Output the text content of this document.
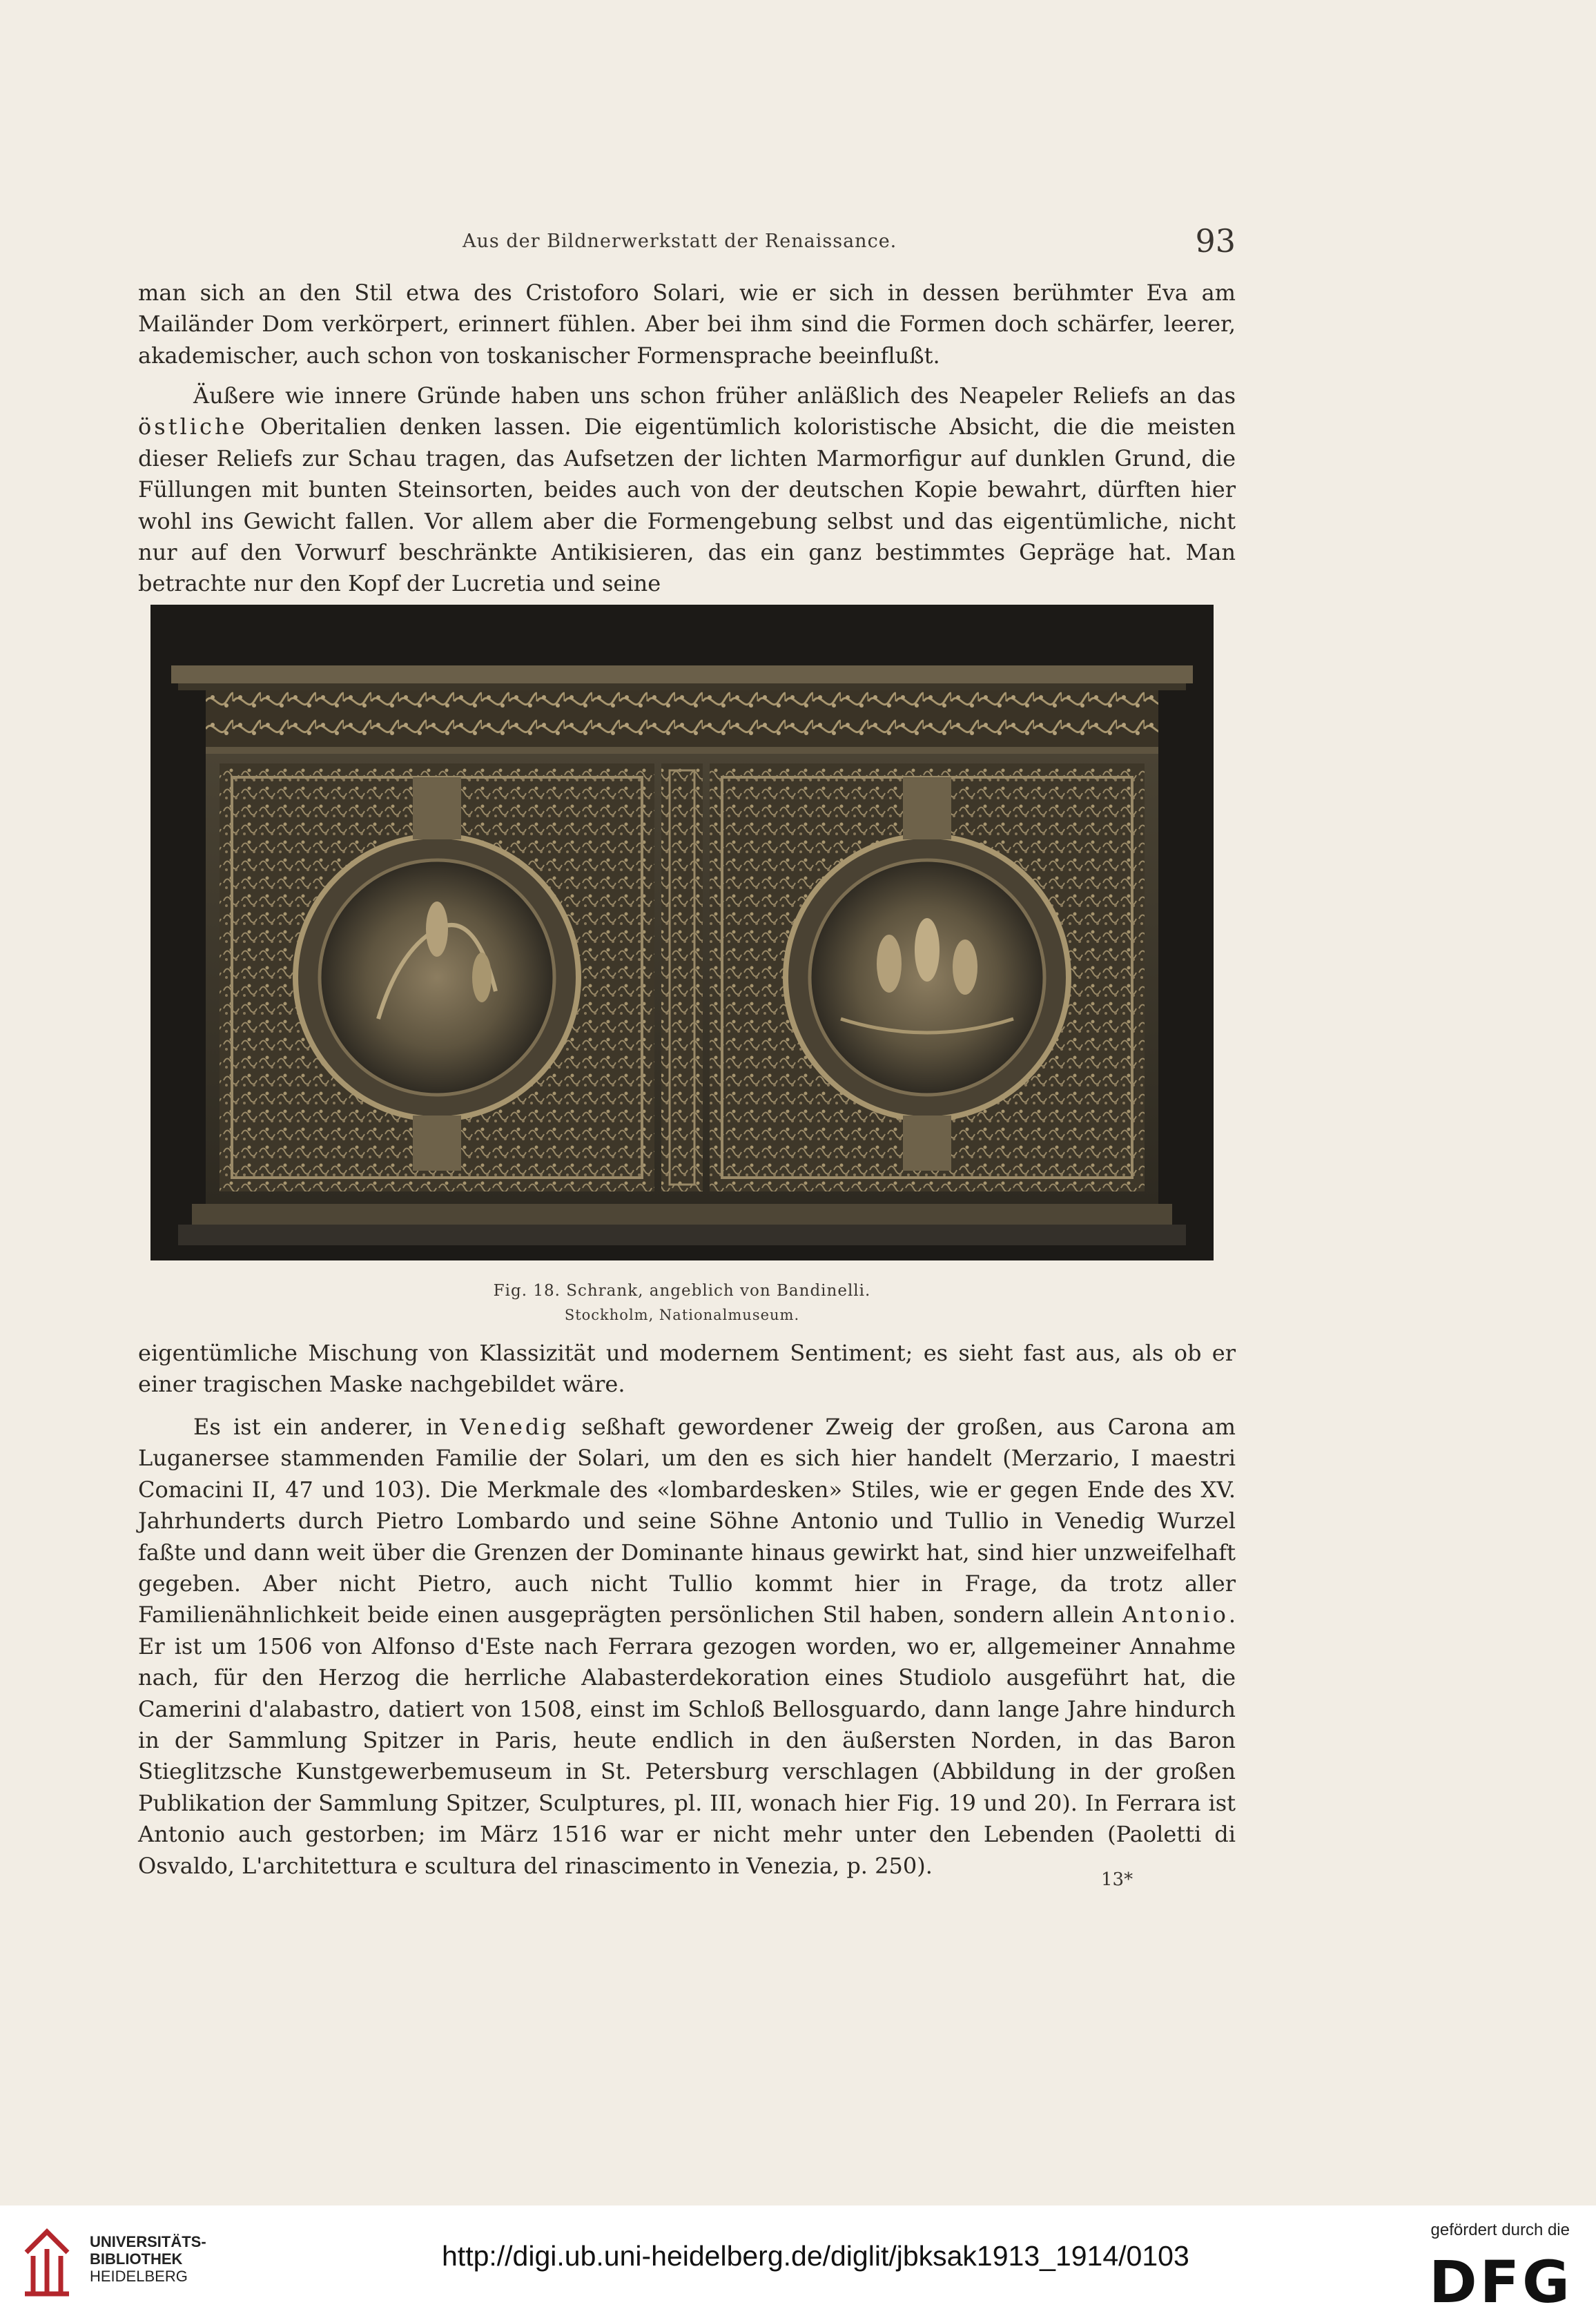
Aus der Bildnerwerkstatt der Renaissance.	93

man sich an den Stil etwa des Cristoforo Solari, wie er sich in dessen berühmter Eva am Mailänder Dom verkörpert, erinnert fühlen. Aber bei ihm sind die Formen doch schärfer, leerer, akademischer, auch schon von toskanischer Formensprache beeinflußt.

Äußere wie innere Gründe haben uns schon früher anläßlich des Neapeler Reliefs an das östliche Oberitalien denken lassen. Die eigentümlich koloristische Absicht, die die meisten dieser Reliefs zur Schau tragen, das Aufsetzen der lichten Marmorfigur auf dunklen Grund, die Füllungen mit bunten Steinsorten, beides auch von der deutschen Kopie bewahrt, dürften hier wohl ins Gewicht fallen. Vor allem aber die Formengebung selbst und das eigentümliche, nicht nur auf den Vorwurf beschränkte Antikisieren, das ein ganz bestimmtes Gepräge hat. Man betrachte nur den Kopf der Lucretia und seine

Fig. 18. Schrank, angeblich von Bandinelli.
Stockholm, Nationalmuseum.

eigentümliche Mischung von Klassizität und modernem Sentiment; es sieht fast aus, als ob er einer tragischen Maske nachgebildet wäre.

Es ist ein anderer, in Venedig seßhaft gewordener Zweig der großen, aus Carona am Luganersee stammenden Familie der Solari, um den es sich hier handelt (Merzario, I maestri Comacini II, 47 und 103). Die Merkmale des «lombardesken» Stiles, wie er gegen Ende des XV. Jahrhunderts durch Pietro Lombardo und seine Söhne Antonio und Tullio in Venedig Wurzel faßte und dann weit über die Grenzen der Dominante hinaus gewirkt hat, sind hier unzweifelhaft gegeben. Aber nicht Pietro, auch nicht Tullio kommt hier in Frage, da trotz aller Familienähnlichkeit beide einen ausgeprägten persönlichen Stil haben, sondern allein Antonio. Er ist um 1506 von Alfonso d'Este nach Ferrara gezogen worden, wo er, allgemeiner Annahme nach, für den Herzog die herrliche Alabasterdekoration eines Studiolo ausgeführt hat, die Camerini d'alabastro, datiert von 1508, einst im Schloß Bellosguardo, dann lange Jahre hindurch in der Sammlung Spitzer in Paris, heute endlich in den äußersten Norden, in das Baron Stieglitzsche Kunstgewerbemuseum in St. Petersburg verschlagen (Abbildung in der großen Publikation der Sammlung Spitzer, Sculptures, pl. III, wonach hier Fig. 19 und 20). In Ferrara ist Antonio auch gestorben; im März 1516 war er nicht mehr unter den Lebenden (Paoletti di Osvaldo, L'architettura e scultura del rinascimento in Venezia, p. 250).

13*
UNIVERSITÄTS-
BIBLIOTHEK
HEIDELBERG
http://digi.ub.uni-heidelberg.de/diglit/jbksak1913_1914/0103
gefördert durch die
DFG
